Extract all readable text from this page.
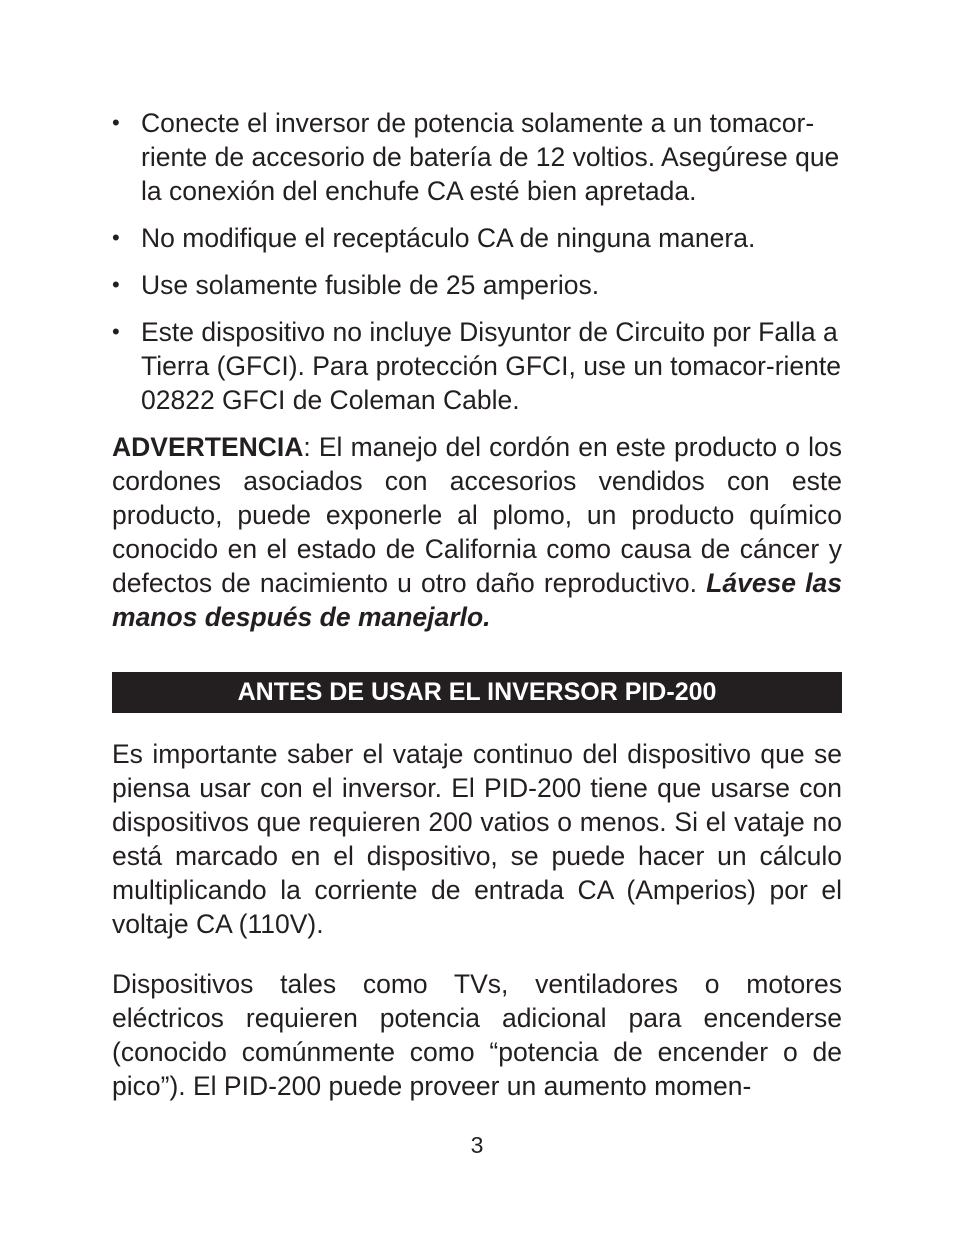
• Conecte el inversor de potencia solamente a un tomacor-riente de accesorio de batería de 12 voltios. Asegúrese que la conexión del enchufe CA esté bien apretada.
• No modifique el receptáculo CA de ninguna manera.
• Use solamente fusible de 25 amperios.
• Este dispositivo no incluye Disyuntor de Circuito por Falla a Tierra (GFCI). Para protección GFCI, use un tomacor-riente 02822 GFCI de Coleman Cable.

ADVERTENCIA: El manejo del cordón en este producto o los cordones asociados con accesorios vendidos con este producto, puede exponerle al plomo, un producto químico conocido en el estado de California como causa de cáncer y defectos de nacimiento u otro daño reproductivo. Lávese las manos después de manejarlo.

ANTES DE USAR EL INVERSOR PID-200

Es importante saber el vataje continuo del dispositivo que se piensa usar con el inversor. El PID-200 tiene que usarse con dispositivos que requieren 200 vatios o menos. Si el vataje no está marcado en el dispositivo, se puede hacer un cálculo multiplicando la corriente de entrada CA (Amperios) por el voltaje CA (110V).

Dispositivos tales como TVs, ventiladores o motores eléctricos requieren potencia adicional para encenderse (conocido comúnmente como “potencia de encender o de pico”). El PID-200 puede proveer un aumento momen-

3
